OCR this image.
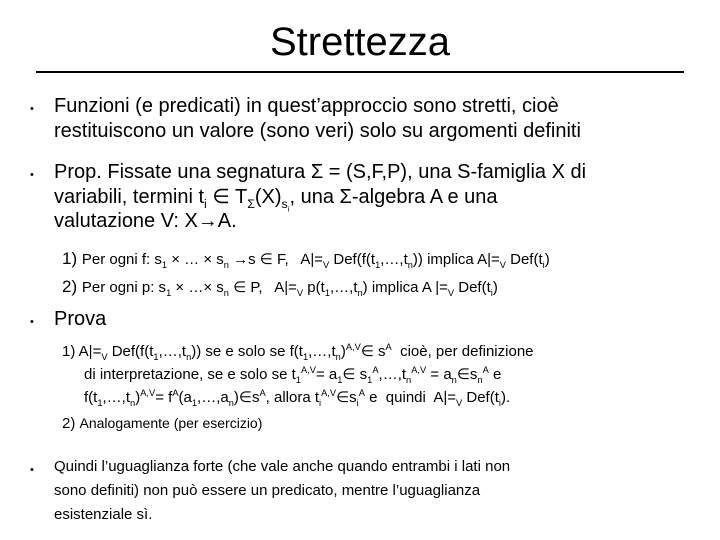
Strettezza
• Funzioni (e predicati) in quest’approccio sono stretti, cioè
restituiscono un valore (sono veri) solo su argomenti definiti
• Prop. Fissate una segnatura Σ = (S,F,P), una S-famiglia X di
variabili, termini $t_i$ ∈ $T_\Sigma(X)_{s_i}$, una Σ-algebra A e una
valutazione V: X→A.
1) Per ogni f: $s_1$ × … × $s_n \to s$ ∈ F,   $A|=_V$ $Def(f(t_1,\dots,t_n))$ implica $A|=_V$ $Def(t_i)$
2) Per ogni p: $s_1$ × …× $s_n$ ∈ P,   $A|=_V$ $p(t_1,\dots,t_n)$ implica A $|=_V$ $Def(t_i)$
• Prova
1) $A|=_V$ $Def(f(t_1,\dots,t_n))$ se e solo se $f(t_1,\dots,t_n)^{A,V}\in$ $s^A$  cioè, per definizione
di interpretazione, se e solo se $t_1^{A,V}=$ $a_1\in$ $s_1^A,\dots,t_n^{A,V}$ = $a_n\in s_n^A$ e
$f(t_1,\dots,t_n)^{A,V}=$ $f^A(a_1,\dots,a_n)\in s^A$, allora $t_i^{A,V}\in s_i^A$ e  quindi  $A|=_V$ $Def(t_i)$.
2) Analogamente (per esercizio)
• Quindi l’uguaglianza forte (che vale anche quando entrambi i lati non
sono definiti) non può essere un predicato, mentre l’uguaglianza
esistenziale sì.
